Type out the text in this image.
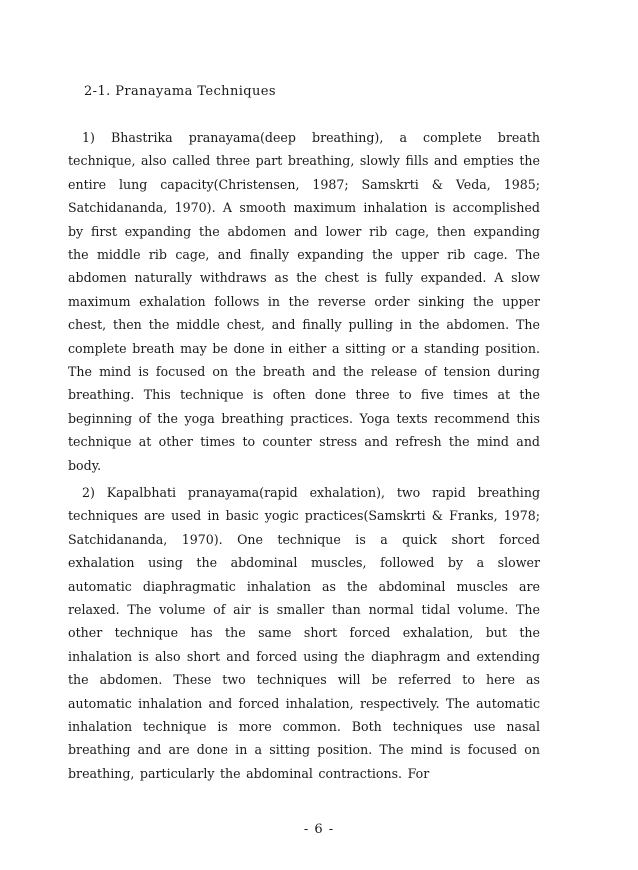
2-1. Pranayama Techniques

1) Bhastrika pranayama(deep breathing), a complete breath technique, also called three part breathing, slowly fills and empties the entire lung capacity(Christensen, 1987; Samskrti & Veda, 1985; Satchidananda, 1970). A smooth maximum inhalation is accomplished by first expanding the abdomen and lower rib cage, then expanding the middle rib cage, and finally expanding the upper rib cage. The abdomen naturally withdraws as the chest is fully expanded. A slow maximum exhalation follows in the reverse order sinking the upper chest, then the middle chest, and finally pulling in the abdomen. The complete breath may be done in either a sitting or a standing position. The mind is focused on the breath and the release of tension during breathing. This technique is often done three to five times at the beginning of the yoga breathing practices. Yoga texts recommend this technique at other times to counter stress and refresh the mind and body.

2) Kapalbhati pranayama(rapid exhalation), two rapid breathing techniques are used in basic yogic practices(Samskrti & Franks, 1978; Satchidananda, 1970). One technique is a quick short forced exhalation using the abdominal muscles, followed by a slower automatic diaphragmatic inhalation as the abdominal muscles are relaxed. The volume of air is smaller than normal tidal volume. The other technique has the same short forced exhalation, but the inhalation is also short and forced using the diaphragm and extending the abdomen. These two techniques will be referred to here as automatic inhalation and forced inhalation, respectively. The automatic inhalation technique is more common. Both techniques use nasal breathing and are done in a sitting position. The mind is focused on breathing, particularly the abdominal contractions. For

- 6 -
